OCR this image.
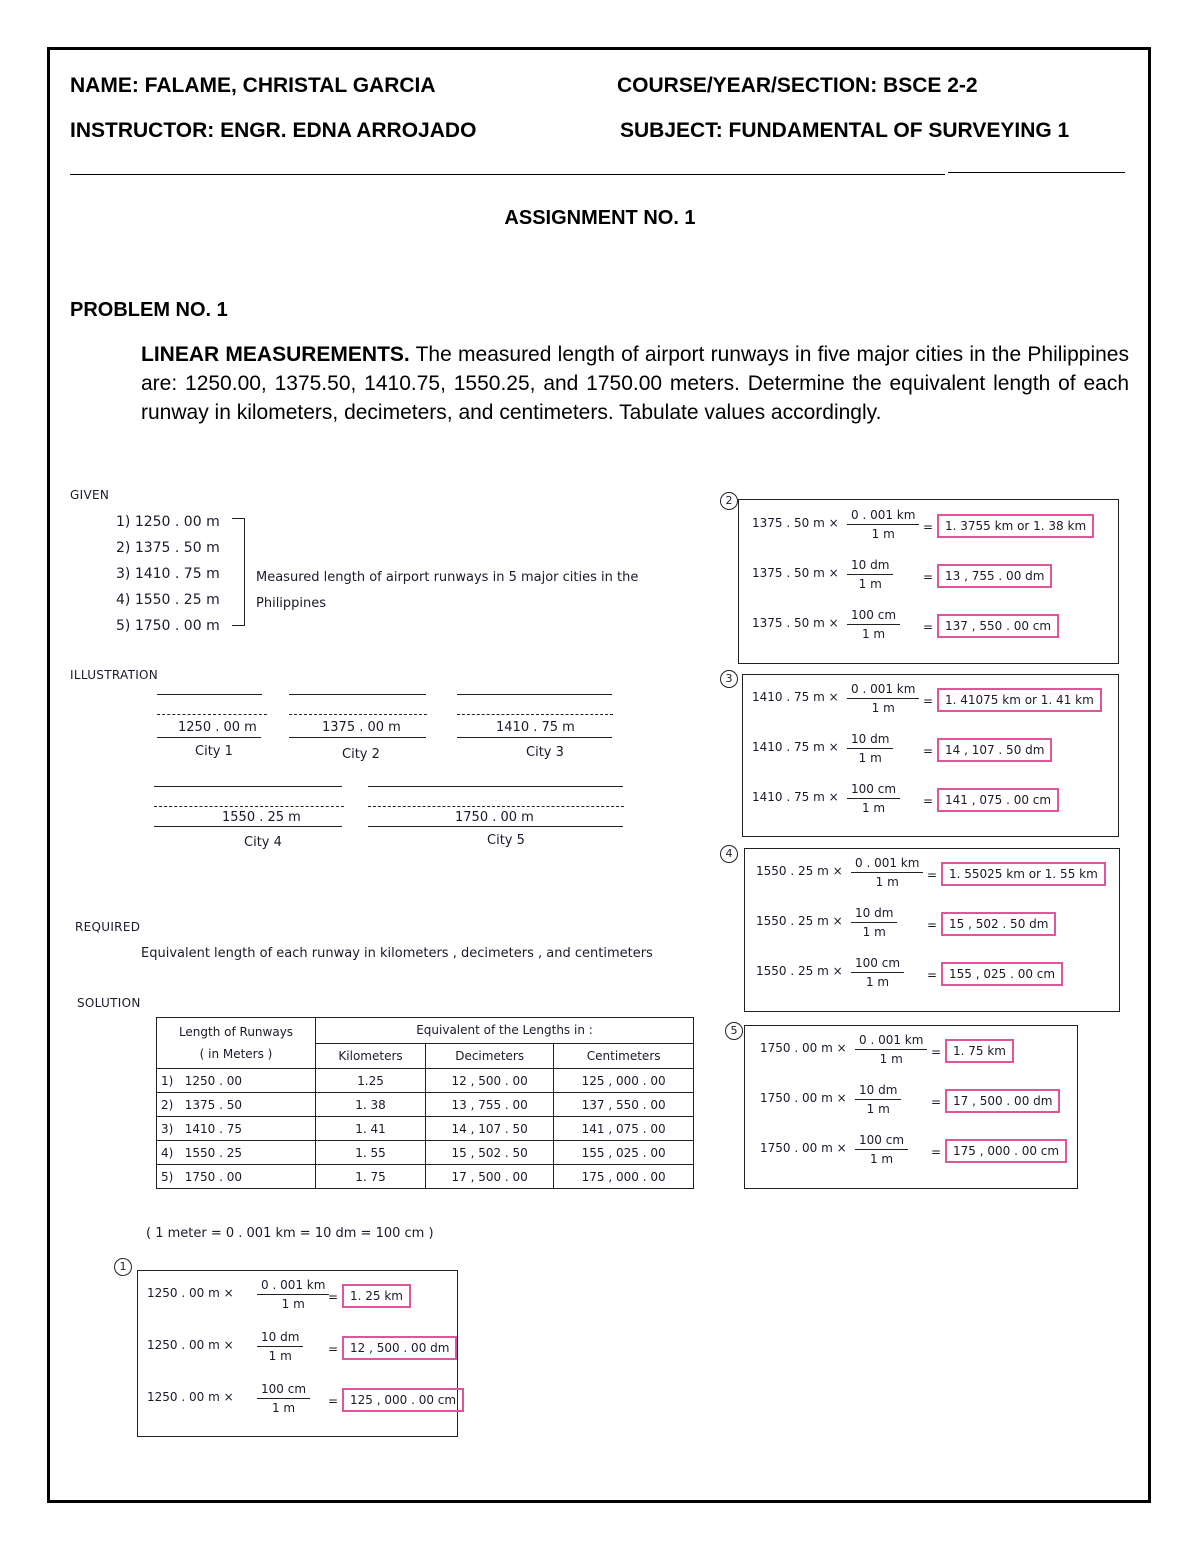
NAME: FALAME, CHRISTAL GARCIA	COURSE/YEAR/SECTION: BSCE 2-2
INSTRUCTOR: ENGR. EDNA ARROJADO	SUBJECT: FUNDAMENTAL OF SURVEYING 1
ASSIGNMENT NO. 1
PROBLEM NO. 1
LINEAR MEASUREMENTS. The measured length of airport runways in five major cities in the Philippines are: 1250.00, 1375.50, 1410.75, 1550.25, and 1750.00 meters. Determine the equivalent length of each runway in kilometers, decimeters, and centimeters. Tabulate values accordingly.
GIVEN
1) 1250 . 00 m
2) 1375 . 50 m
3) 1410 . 75 m
4) 1550 . 25 m
5) 1750 . 00 m
Measured length of airport runways in 5 major cities in the Philippines
ILLUSTRATION
1250 . 00 m
City 1
1375 . 00 m
City 2
1410 . 75 m
City 3
1550 . 25 m
City 4
1750 . 00 m
City 5
REQUIRED
Equivalent length of each runway in kilometers , decimeters , and centimeters
SOLUTION
Length of Runways
( in Meters )	Equivalent of the Lengths in :		
	Kilometers	Decimeters	Centimeters
1) 1250 . 00	1.25	12 , 500 . 00	125 , 000 . 00
2) 1375 . 50	1. 38	13 , 755 . 00	137 , 550 . 00
3) 1410 . 75	1. 41	14 , 107 . 50	141 , 075 . 00
4) 1550 . 25	1. 55	15 , 502 . 50	155 , 025 . 00
5) 1750 . 00	1. 75	17 , 500 . 00	175 , 000 . 00
( 1 meter = 0 . 001 km = 10 dm = 100 cm )
1
2
3
4
5
1250 . 00 $m \times \frac{0 . 001 km}{1 m}$
= 1. 25 km
1250 . 00 $m \times \frac{10 dm}{1 m} = 12$ , 500 . 00 dm
1250 . 00 $m \times \frac{100 cm}{1 m} = 125$ , 000 . 00 cm
1375 . 50 $m \times \frac{0 . 001 km}{1 m} = 1$. 3755 km or 1. 38 km
1375 . 50 $m \times \frac{10 dm}{1 m} = 13$ , 755 . 00 dm
1375 . 50 $m \times \frac{100 cm}{1 m} = 137$ , 550 . 00 cm
1410 . 75 $m \times \frac{0 . 001 km}{1 m} = 1$. 41075 km or 1. 41 km
1410 . 75 $m \times \frac{10 dm}{1 m} = 14$ , 107 . 50 dm
1410 . 75 $m \times \frac{100 cm}{1 m} = 141$ , 075 . 00 cm
1550 . 25 $m \times \frac{0 . 001 km}{1 m} = 1$. 55025 km or 1. 55 km
1550 . 25 $m \times \frac{10 dm}{1 m} = 15$ , 502 . 50 dm
1550 . 25 $m \times \frac{100 cm}{1 m} = 155$ , 025 . 00 cm
1750 . 00 $m \times \frac{0 . 001 km}{1 m} = 1$. 75 km
1750 . 00 $m \times \frac{10 dm}{1 m} = 17$ , 500 . 00 dm
1750 . 00 $m \times \frac{100 cm}{1 m} = 175$ , 000 . 00 cm
